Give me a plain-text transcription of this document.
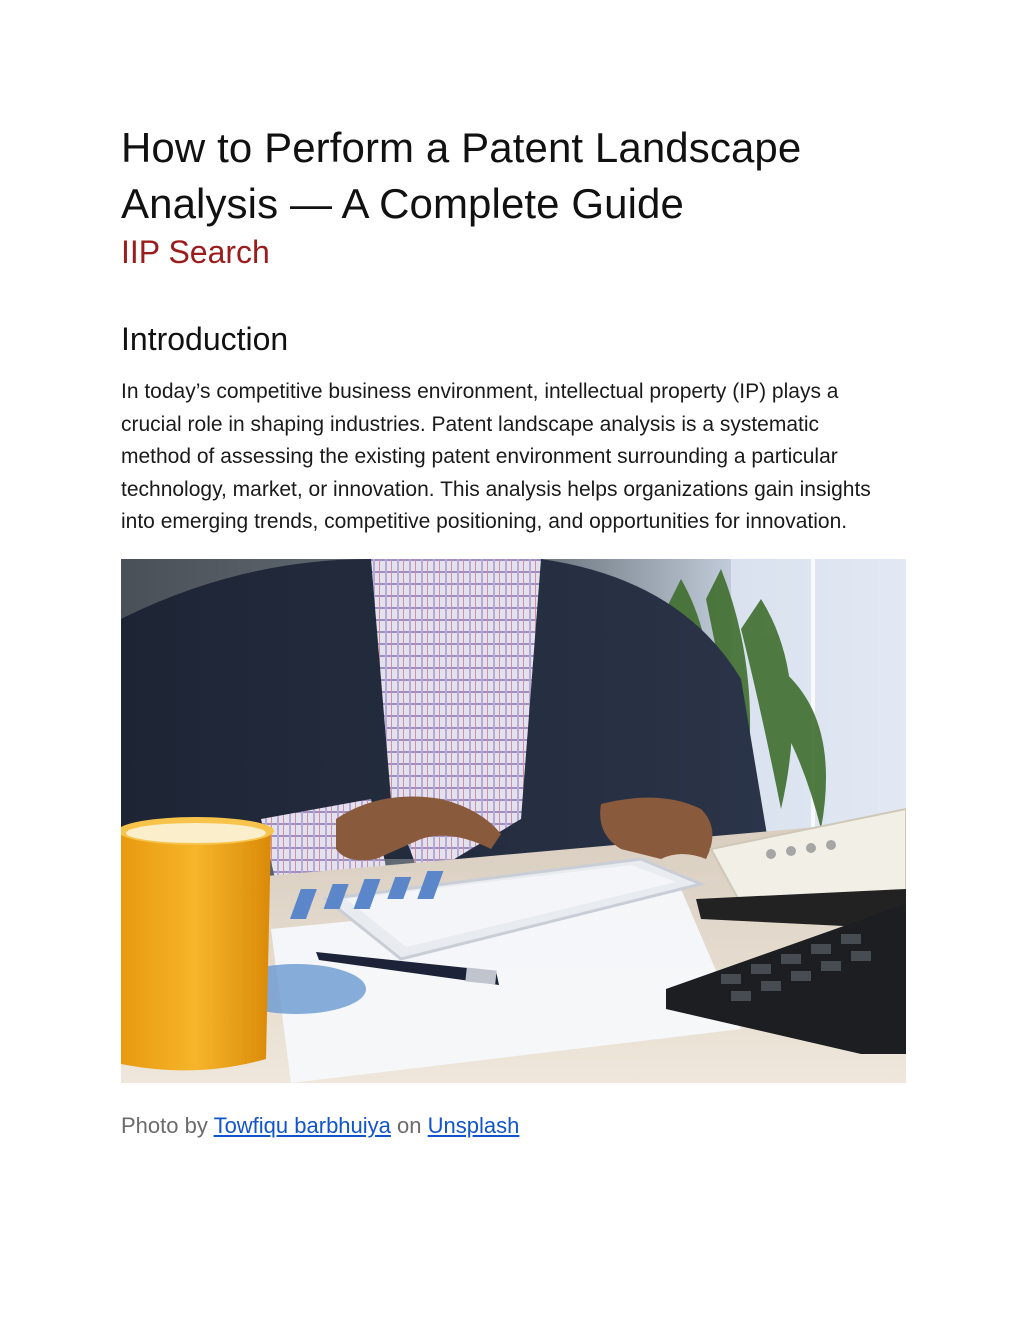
How to Perform a Patent Landscape
Analysis — A Complete Guide
IIP Search
Introduction

In today’s competitive business environment, intellectual property (IP) plays a crucial role in shaping industries. Patent landscape analysis is a systematic method of assessing the existing patent environment surrounding a particular technology, market, or innovation. This analysis helps organizations gain insights into emerging trends, competitive positioning, and opportunities for innovation.

Photo by Towfiqu barbhuiya on Unsplash
